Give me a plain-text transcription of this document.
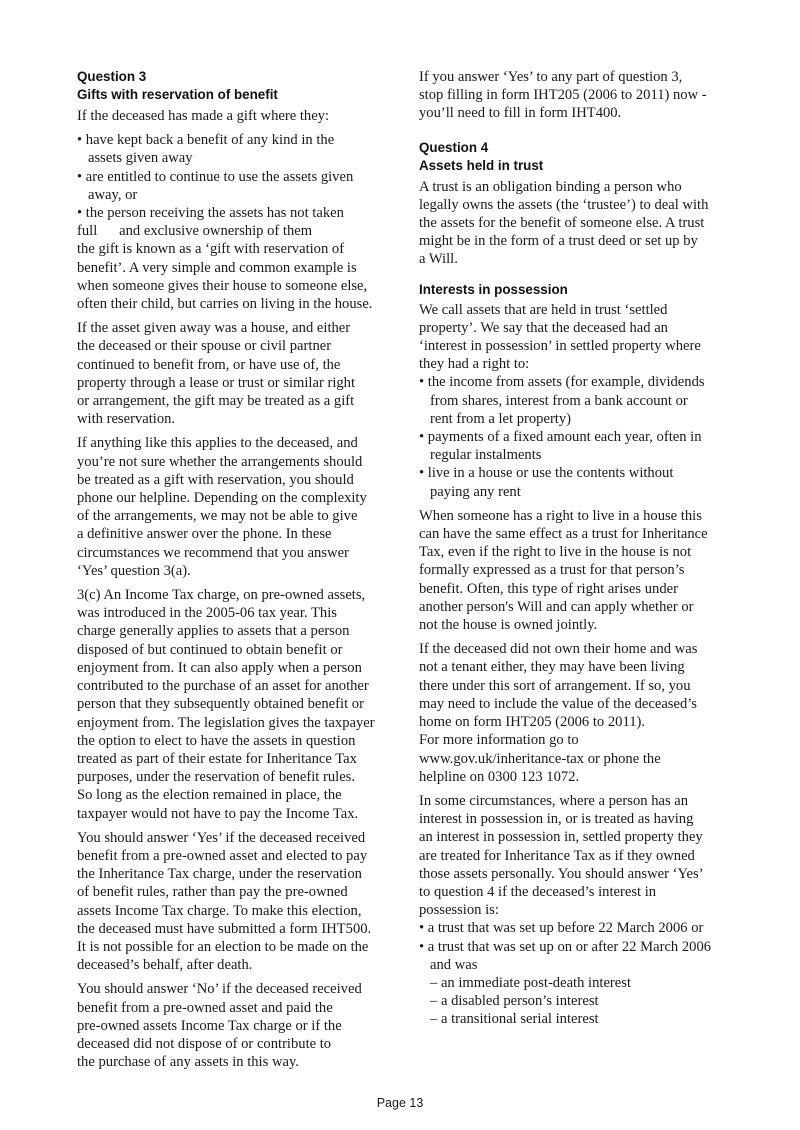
Question 3
Gifts with reservation of benefit

If the deceased has made a gift where they:

• have kept back a benefit of any kind in the
assets given away
• are entitled to continue to use the assets given
away, or
• the person receiving the assets has not taken
full      and exclusive ownership of them
the gift is known as a ‘gift with reservation of
benefit’. A very simple and common example is
when someone gives their house to someone else,
often their child, but carries on living in the house.
If the asset given away was a house, and either
the deceased or their spouse or civil partner
continued to benefit from, or have use of, the
property through a lease or trust or similar right
or arrangement, the gift may be treated as a gift
with reservation.
If anything like this applies to the deceased, and
you’re not sure whether the arrangements should
be treated as a gift with reservation, you should
phone our helpline. Depending on the complexity
of the arrangements, we may not be able to give
a definitive answer over the phone. In these
circumstances we recommend that you answer
‘Yes’ question 3(a).
3(c) An Income Tax charge, on pre-owned assets,
was introduced in the 2005-06 tax year. This
charge generally applies to assets that a person
disposed of but continued to obtain benefit or
enjoyment from. It can also apply when a person
contributed to the purchase of an asset for another
person that they subsequently obtained benefit or
enjoyment from. The legislation gives the taxpayer
the option to elect to have the assets in question
treated as part of their estate for Inheritance Tax
purposes, under the reservation of benefit rules.
So long as the election remained in place, the
taxpayer would not have to pay the Income Tax.
You should answer ‘Yes’ if the deceased received
benefit from a pre-owned asset and elected to pay
the Inheritance Tax charge, under the reservation
of benefit rules, rather than pay the pre-owned
assets Income Tax charge. To make this election,
the deceased must have submitted a form IHT500.
It is not possible for an election to be made on the
deceased’s behalf, after death.
You should answer ‘No’ if the deceased received
benefit from a pre-owned asset and paid the
pre-owned assets Income Tax charge or if the
deceased did not dispose of or contribute to
the purchase of any assets in this way.
If you answer ‘Yes’ to any part of question 3,
stop filling in form IHT205 (2006 to 2011) now -
you’ll need to fill in form IHT400.
Question 4
Assets held in trust
A trust is an obligation binding a person who
legally owns the assets (the ‘trustee’) to deal with
the assets for the benefit of someone else. A trust
might be in the form of a trust deed or set up by
a Will.
Interests in possession
We call assets that are held in trust ‘settled
property’. We say that the deceased had an
‘interest in possession’ in settled property where
they had a right to:
• the income from assets (for example, dividends
from shares, interest from a bank account or
rent from a let property)
• payments of a fixed amount each year, often in
regular instalments
• live in a house or use the contents without
paying any rent
When someone has a right to live in a house this
can have the same effect as a trust for Inheritance
Tax, even if the right to live in the house is not
formally expressed as a trust for that person’s
benefit. Often, this type of right arises under
another person's Will and can apply whether or
not the house is owned jointly.
If the deceased did not own their home and was
not a tenant either, they may have been living
there under this sort of arrangement. If so, you
may need to include the value of the deceased’s
home on form IHT205 (2006 to 2011).
For more information go to
www.gov.uk/inheritance-tax or phone the
helpline on 0300 123 1072.
In some circumstances, where a person has an
interest in possession in, or is treated as having
an interest in possession in, settled property they
are treated for Inheritance Tax as if they owned
those assets personally. You should answer ‘Yes’
to question 4 if the deceased’s interest in
possession is:
• a trust that was set up before 22 March 2006 or
• a trust that was set up on or after 22 March 2006
and was
– an immediate post-death interest
– a disabled person’s interest
– a transitional serial interest
Page 13
